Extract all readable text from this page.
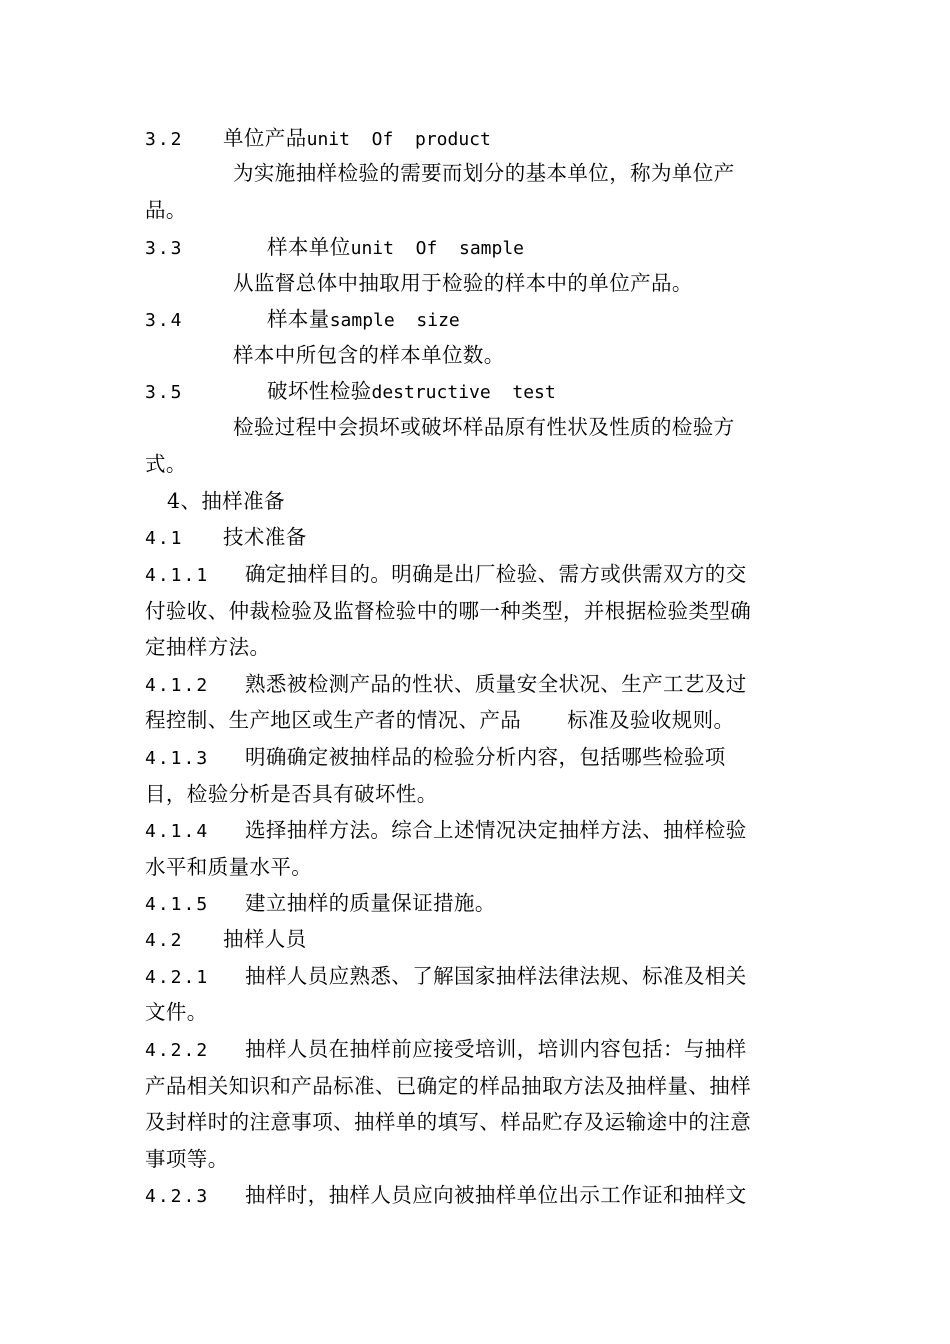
3.2 单位产品unit  Of  product
为实施抽样检验的需要而划分的基本单位，称为单位产
品。
3.3	样本单位unit  Of  sample
从监督总体中抽取用于检验的样本中的单位产品。
3.4	样本量sample  size
样本中所包含的样本单位数。
3.5	破坏性检验destructive  test
检验过程中会损坏或破坏样品原有性状及性质的检验方
式。
4、抽样准备
4.1 技术准备
4.1.1 确定抽样目的。明确是出厂检验、需方或供需双方的交
付验收、仲裁检验及监督检验中的哪一种类型，并根据检验类型确
定抽样方法。
4.1.2 熟悉被检测产品的性状、质量安全状况、生产工艺及过
程控制、生产地区或生产者的情况、产品 标准及验收规则。
4.1.3 明确确定被抽样品的检验分析内容，包括哪些检验项
目，检验分析是否具有破坏性。
4.1.4 选择抽样方法。综合上述情况决定抽样方法、抽样检验
水平和质量水平。
4.1.5 建立抽样的质量保证措施。
4.2 抽样人员
4.2.1 抽样人员应熟悉、了解国家抽样法律法规、标准及相关
文件。
4.2.2 抽样人员在抽样前应接受培训，培训内容包括：与抽样
产品相关知识和产品标准、已确定的样品抽取方法及抽样量、抽样
及封样时的注意事项、抽样单的填写、样品贮存及运输途中的注意
事项等。
4.2.3 抽样时，抽样人员应向被抽样单位出示工作证和抽样文
